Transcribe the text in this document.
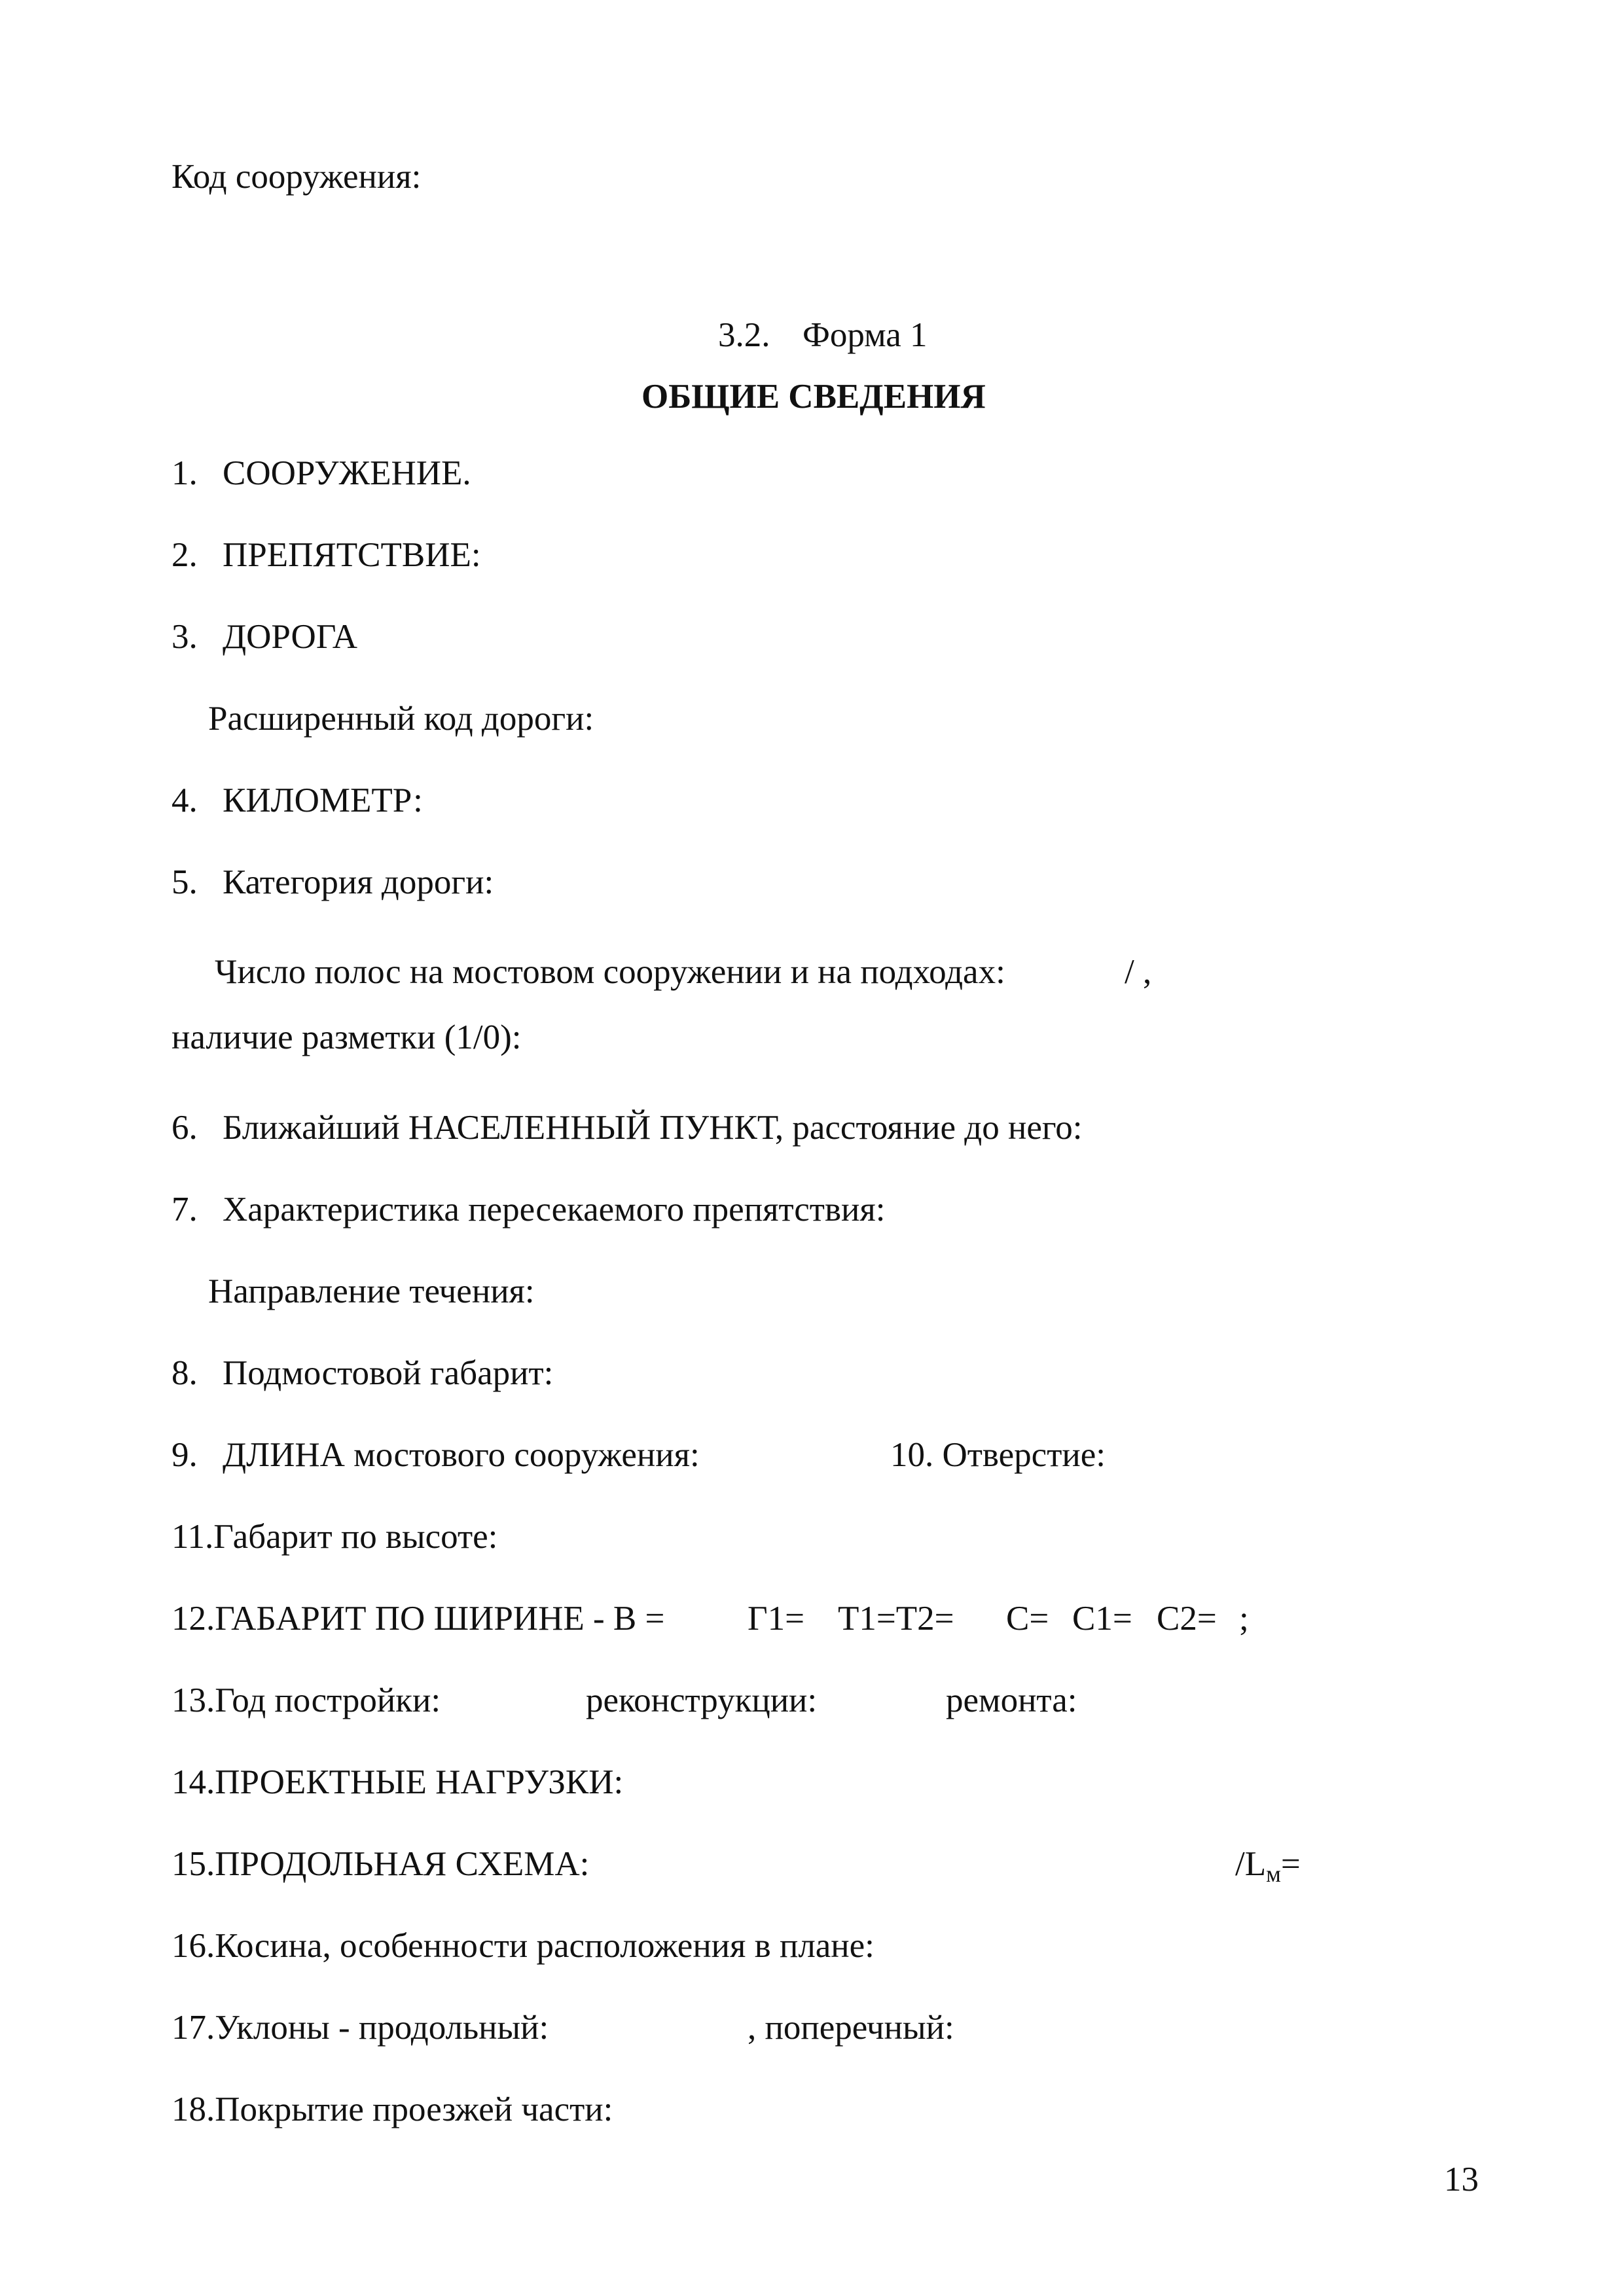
Код сооружения:
3.2. Форма 1
ОБЩИЕ СВЕДЕНИЯ
1. СООРУЖЕНИЕ.
2. ПРЕПЯТСТВИЕ:
3. ДОРОГА
Расширенный код дороги:
4. КИЛОМЕТР:
5. Категория дороги:
Число полос на мостовом сооружении и на подходах:	/ ,
наличие разметки (1/0):
6. Ближайший НАСЕЛЕННЫЙ ПУНКТ, расстояние до него:
7. Характеристика пересекаемого препятствия:
Направление течения:
8. Подмостовой габарит:
9. ДЛИНА мостового сооружения:	10. Отверстие:
11.Габарит по высоте:
12.ГАБАРИТ ПО ШИРИНЕ - В = Г1= Т1=Т2= С= С1= С2= ;
13.Год постройки:	реконструкции:	ремонта:
14.ПРОЕКТНЫЕ НАГРУЗКИ:
15.ПРОДОЛЬНАЯ СХЕМА:	$/L_м=$
16.Косина, особенности расположения в плане:
17.Уклоны - продольный:	, поперечный:
18.Покрытие проезжей части:
13
